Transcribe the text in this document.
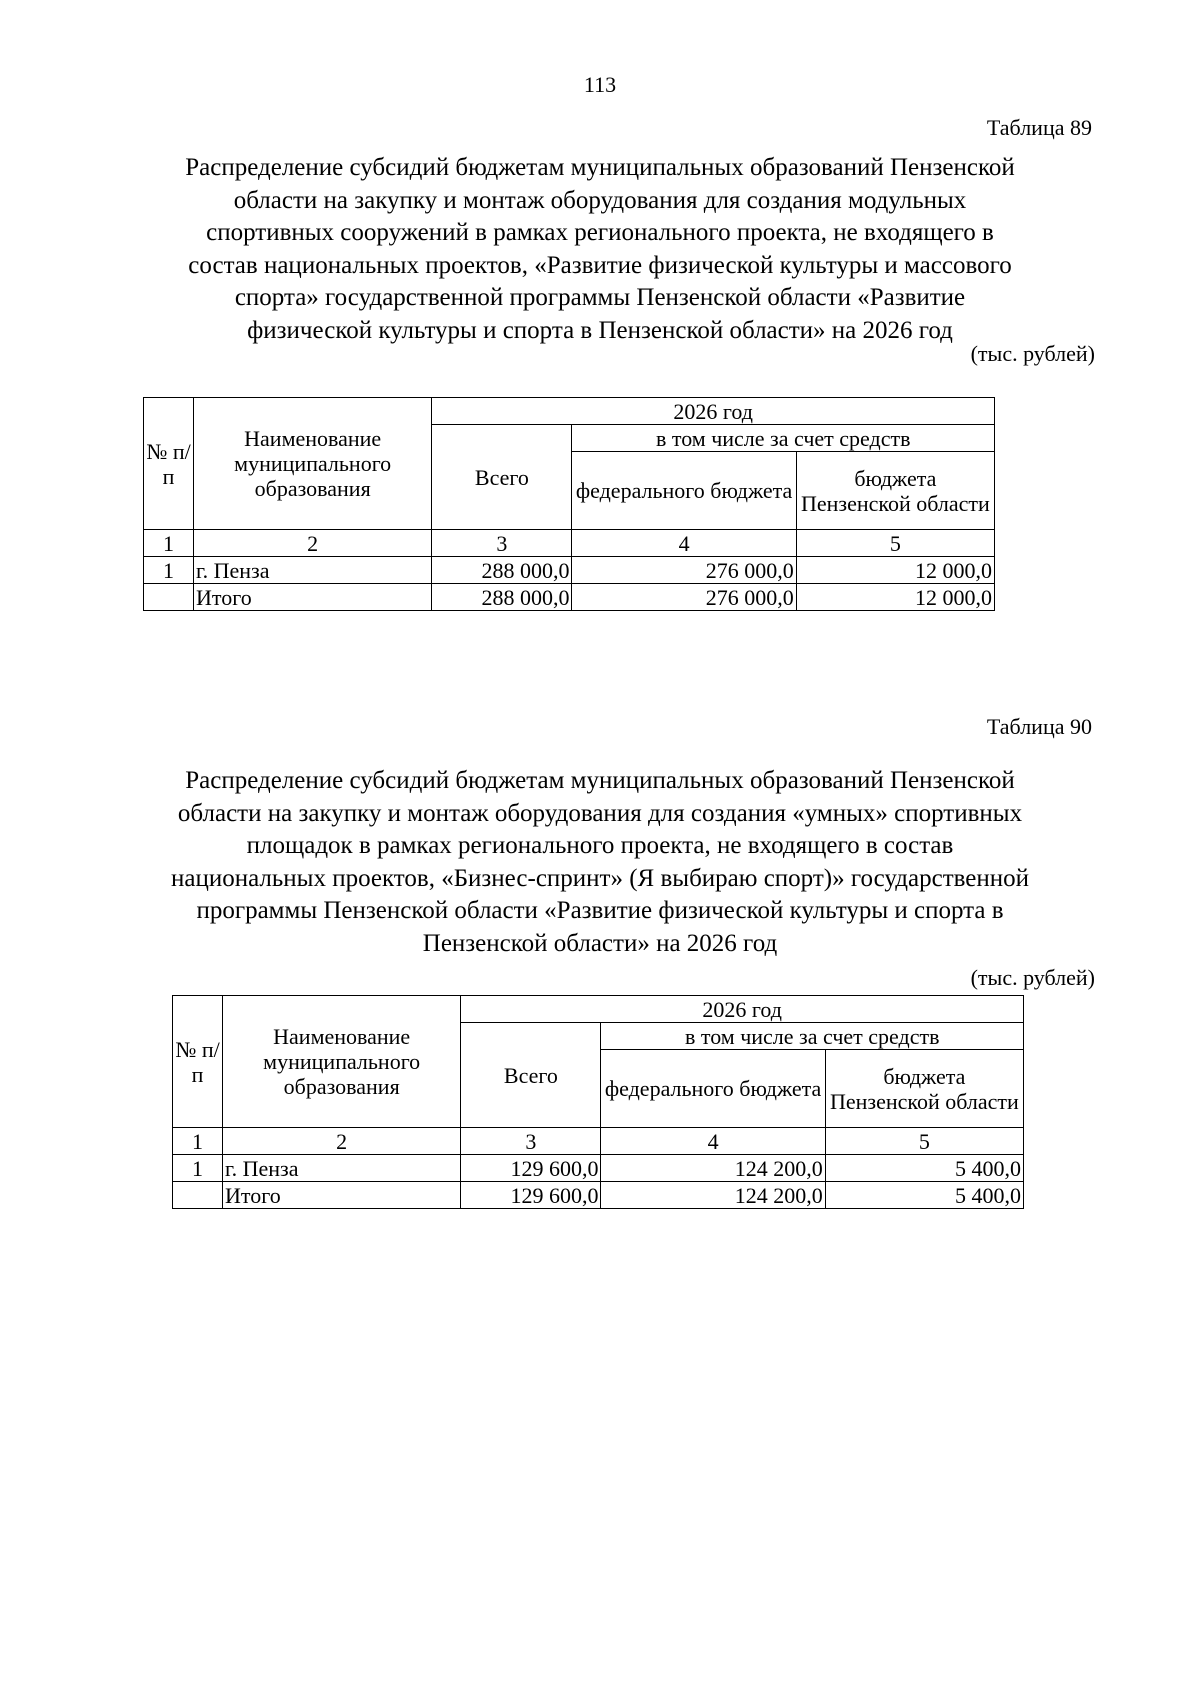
113
Таблица 89
Распределение субсидий бюджетам муниципальных образований Пензенской
области на закупку и монтаж оборудования для создания модульных
спортивных сооружений в рамках регионального проекта, не входящего в
состав национальных проектов, «Развитие физической культуры и массового
спорта» государственной программы Пензенской области «Развитие
физической культуры и спорта в Пензенской области» на 2026 год
(тыс. рублей)
№ п/п	Наименование муниципального образования	2026 год		
		Всего	в том числе за счет средств	
			федерального бюджета	бюджета Пензенской области
1	2	3	4	5
1	г. Пенза	288 000,0	276 000,0	12 000,0
	Итого	288 000,0	276 000,0	12 000,0
Таблица 90
Распределение субсидий бюджетам муниципальных образований Пензенской
области на закупку и монтаж оборудования для создания «умных» спортивных
площадок в рамках регионального проекта, не входящего в состав
национальных проектов, «Бизнес-спринт» (Я выбираю спорт)» государственной
программы Пензенской области «Развитие физической культуры и спорта в
Пензенской области» на 2026 год
(тыс. рублей)
№ п/п	Наименование муниципального образования	2026 год		
		Всего	в том числе за счет средств	
			федерального бюджета	бюджета Пензенской области
1	2	3	4	5
1	г. Пенза	129 600,0	124 200,0	5 400,0
	Итого	129 600,0	124 200,0	5 400,0
